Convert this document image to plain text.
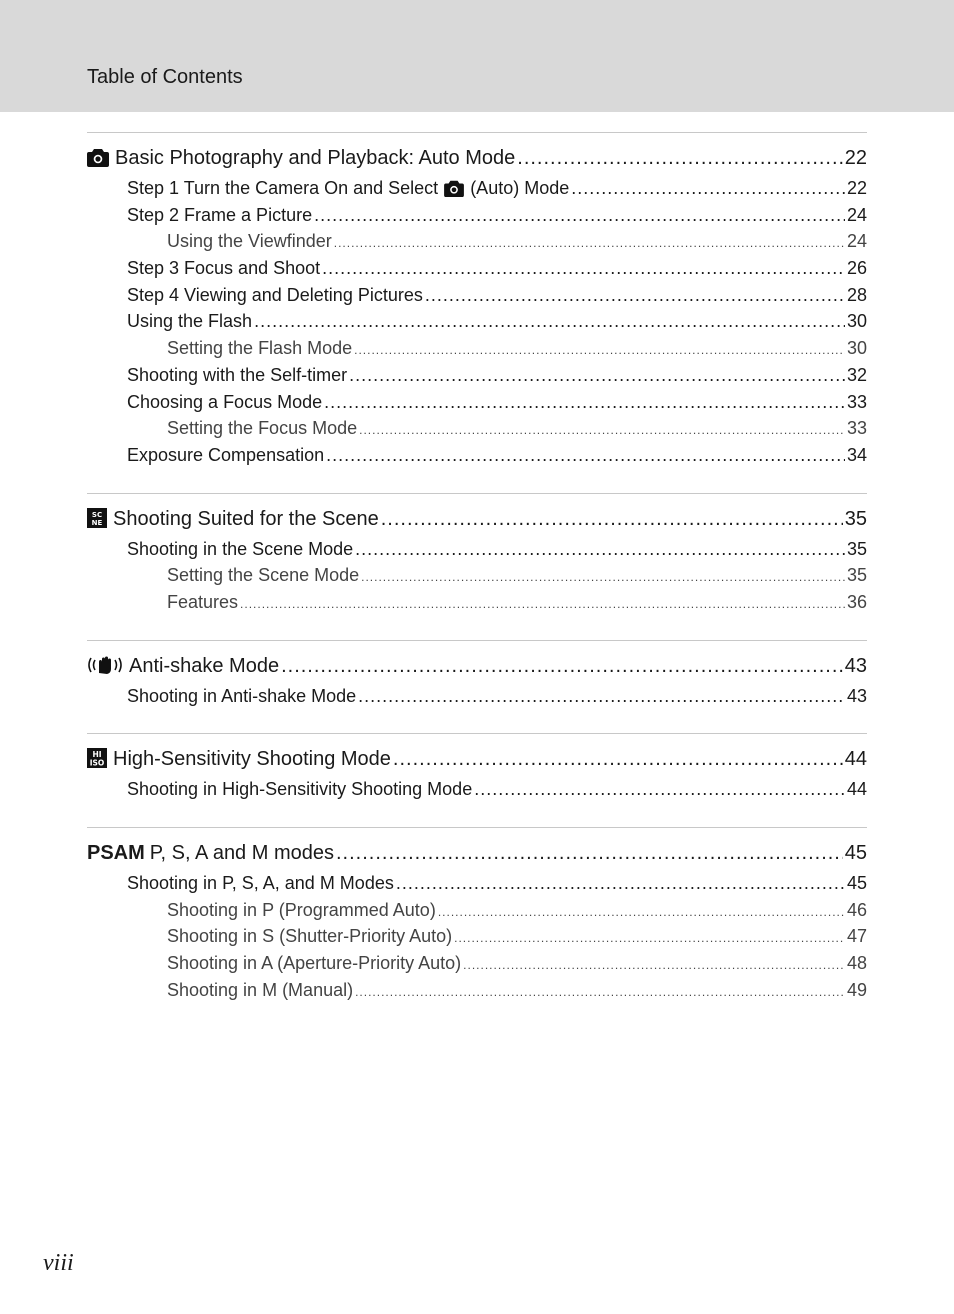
Table of Contents
Basic Photography and Playback: Auto Mode .....	22
Step 1 Turn the Camera On and Select (Auto) Mode .....	22
Step 2 Frame a Picture .....	24
Using the Viewfinder .....	24
Step 3 Focus and Shoot .....	26
Step 4 Viewing and Deleting Pictures .....	28
Using the Flash .....	30
Setting the Flash Mode .....	30
Shooting with the Self-timer .....	32
Choosing a Focus Mode .....	33
Setting the Focus Mode .....	33
Exposure Compensation .....	34
SC
NE Shooting Suited for the Scene .....	35
Shooting in the Scene Mode .....	35
Setting the Scene Mode .....	35
Features .....	36
Anti-shake Mode .....	43
Shooting in Anti-shake Mode .....	43
HI
ISO High-Sensitivity Shooting Mode .....	44
Shooting in High-Sensitivity Shooting Mode .....	44
PSAM P, S, A and M modes .....	45
Shooting in P, S, A, and M Modes .....	45
Shooting in P (Programmed Auto) .....	46
Shooting in S (Shutter-Priority Auto) .....	47
Shooting in A (Aperture-Priority Auto) .....	48
Shooting in M (Manual) .....	49
viii
